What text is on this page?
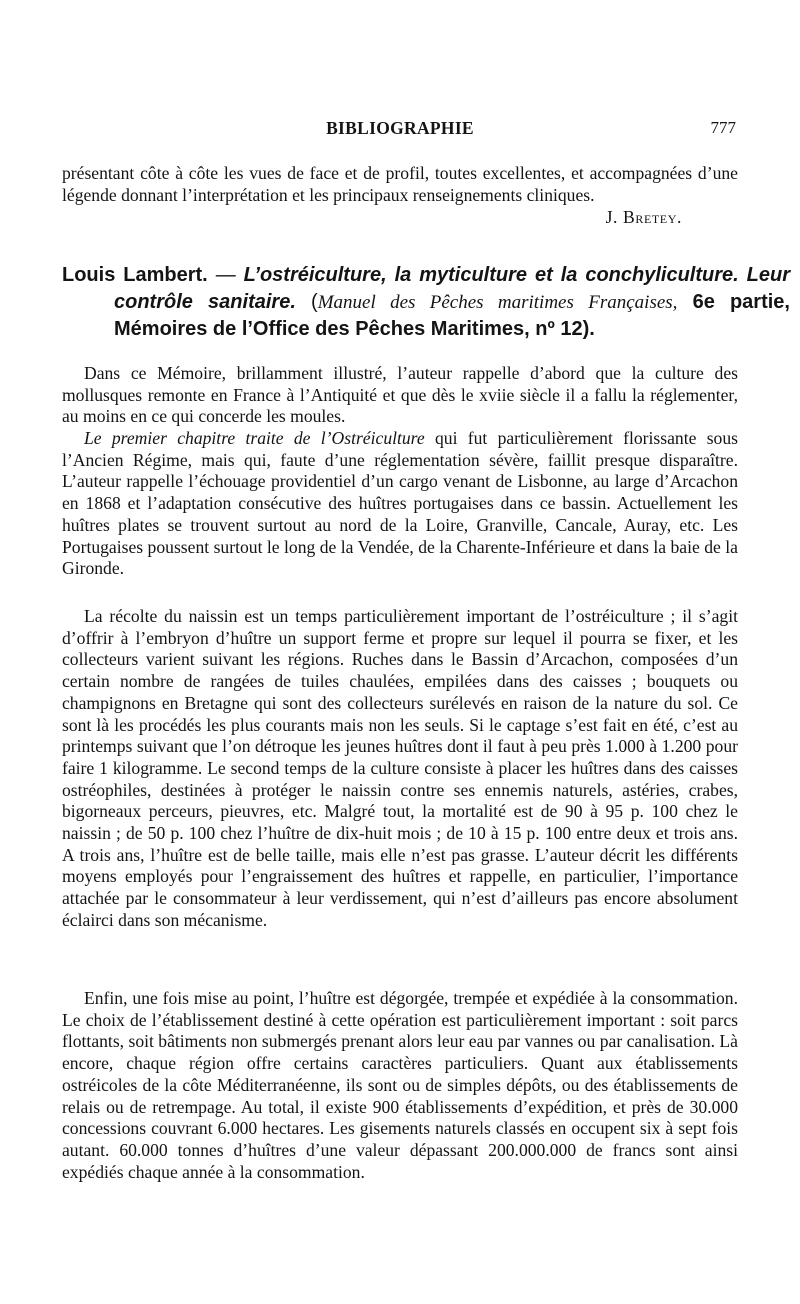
BIBLIOGRAPHIE	777
présentant côte à côte les vues de face et de profil, toutes excellentes, et accompagnées d’une légende donnant l’interprétation et les principaux renseignements cliniques.
J. Bretey.
Louis Lambert. — L’ostréiculture, la myticulture et la conchyliculture. Leur contrôle sanitaire. (Manuel des Pêches maritimes Françaises, 6e partie, Mémoires de l’Office des Pêches Maritimes, nº 12).

Dans ce Mémoire, brillamment illustré, l’auteur rappelle d’abord que la culture des mollusques remonte en France à l’Antiquité et que dès le xviie siècle il a fallu la réglementer, au moins en ce qui concerde les moules.

Le premier chapitre traite de l’Ostréiculture qui fut particulièrement florissante sous l’Ancien Régime, mais qui, faute d’une réglementation sévère, faillit presque disparaître. L’auteur rappelle l’échouage providentiel d’un cargo venant de Lisbonne, au large d’Arcachon en 1868 et l’adaptation consécutive des huîtres portugaises dans ce bassin. Actuellement les huîtres plates se trouvent surtout au nord de la Loire, Granville, Cancale, Auray, etc. Les Portugaises poussent surtout le long de la Vendée, de la Charente-Inférieure et dans la baie de la Gironde.

La récolte du naissin est un temps particulièrement important de l’ostréiculture ; il s’agit d’offrir à l’embryon d’huître un support ferme et propre sur lequel il pourra se fixer, et les collecteurs varient suivant les régions. Ruches dans le Bassin d’Arcachon, composées d’un certain nombre de rangées de tuiles chaulées, empilées dans des caisses ; bouquets ou champignons en Bretagne qui sont des collecteurs surélevés en raison de la nature du sol. Ce sont là les procédés les plus courants mais non les seuls. Si le captage s’est fait en été, c’est au printemps suivant que l’on détroque les jeunes huîtres dont il faut à peu près 1.000 à 1.200 pour faire 1 kilogramme. Le second temps de la culture consiste à placer les huîtres dans des caisses ostréophiles, destinées à protéger le naissin contre ses ennemis naturels, astéries, crabes, bigorneaux perceurs, pieuvres, etc. Malgré tout, la mortalité est de 90 à 95 p. 100 chez le naissin ; de 50 p. 100 chez l’huître de dix-huit mois ; de 10 à 15 p. 100 entre deux et trois ans. A trois ans, l’huître est de belle taille, mais elle n’est pas grasse. L’auteur décrit les différents moyens employés pour l’engraissement des huîtres et rappelle, en particulier, l’importance attachée par le consommateur à leur verdissement, qui n’est d’ailleurs pas encore absolument éclairci dans son mécanisme.

Enfin, une fois mise au point, l’huître est dégorgée, trempée et expédiée à la consommation. Le choix de l’établissement destiné à cette opération est particulièrement important : soit parcs flottants, soit bâtiments non submergés prenant alors leur eau par vannes ou par canalisation. Là encore, chaque région offre certains caractères particuliers. Quant aux établissements ostréicoles de la côte Méditerranéenne, ils sont ou de simples dépôts, ou des établissements de relais ou de retrempage. Au total, il existe 900 établissements d’expédition, et près de 30.000 concessions couvrant 6.000 hectares. Les gisements naturels classés en occupent six à sept fois autant. 60.000 tonnes d’huîtres d’une valeur dépassant 200.000.000 de francs sont ainsi expédiés chaque année à la consommation.
